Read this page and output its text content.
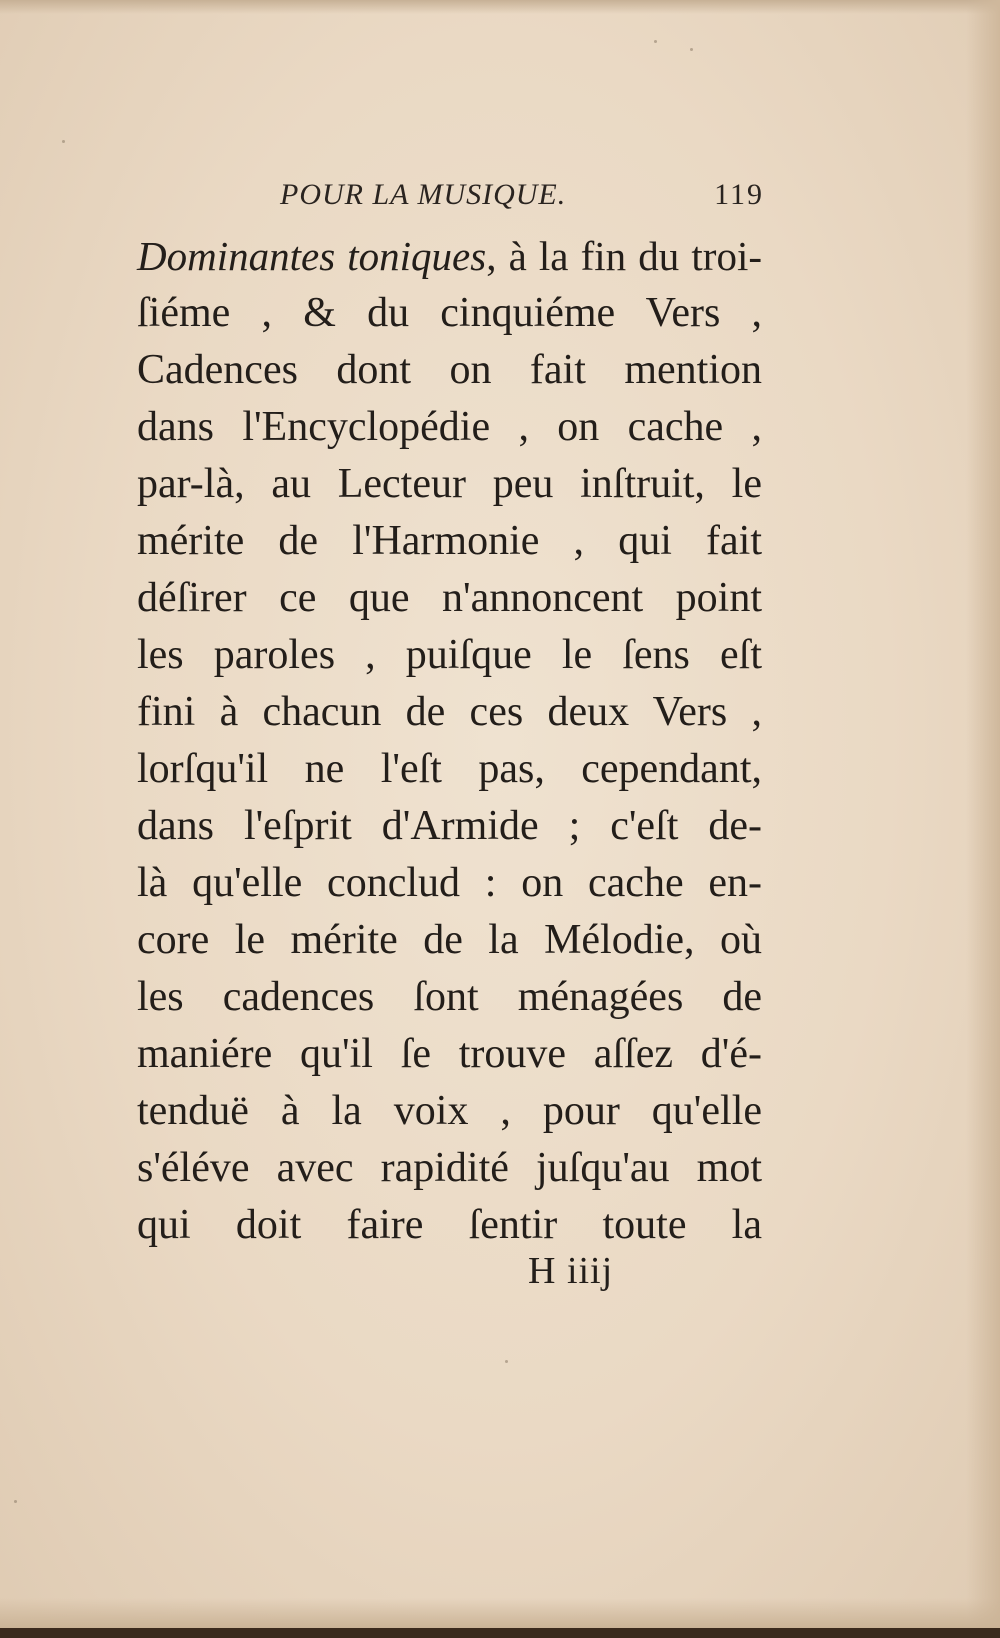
POUR LA MUSIQUE.	119
Dominantes toniques, à la fin du troi-
ſiéme , & du cinquiéme Vers ,
Cadences dont on fait mention
dans l'Encyclopédie , on cache ,
par-là, au Lecteur peu inſtruit, le
mérite de l'Harmonie , qui fait
déſirer ce que n'annoncent point
les paroles , puiſque le ſens eſt
fini à chacun de ces deux Vers ,
lorſqu'il ne l'eſt pas, cependant,
dans l'eſprit d'Armide ; c'eſt de-
là qu'elle conclud : on cache en-
core le mérite de la Mélodie, où
les cadences ſont ménagées de
maniére qu'il ſe trouve aſſez d'é-
tenduë à la voix , pour qu'elle
s'éléve avec rapidité juſqu'au mot
qui doit faire ſentir toute la
H iiij
